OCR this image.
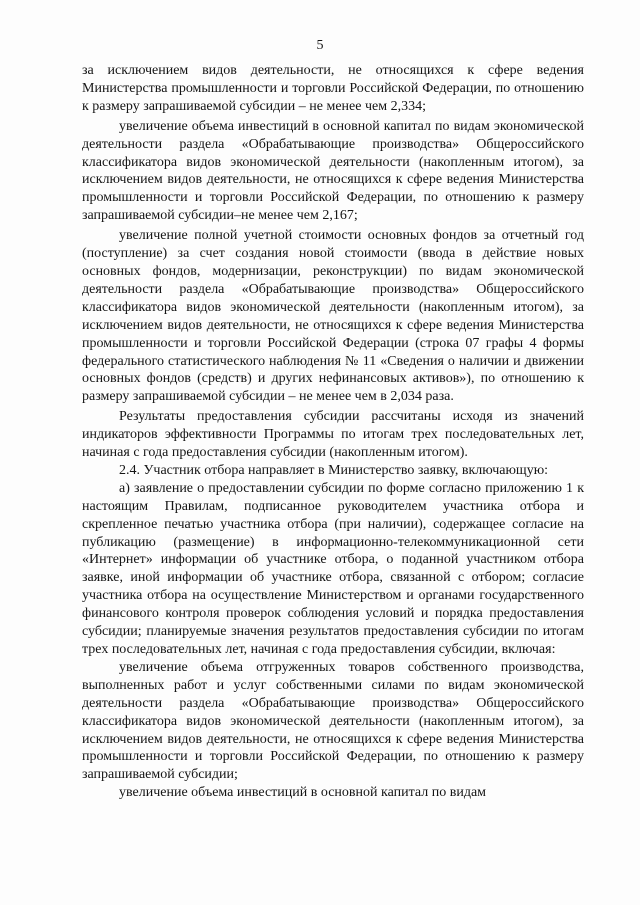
5

за исключением видов деятельности, не относящихся к сфере ведения Министерства промышленности и торговли Российской Федерации, по отношению к размеру запрашиваемой субсидии – не менее чем 2,334;

увеличение объема инвестиций в основной капитал по видам экономической деятельности раздела «Обрабатывающие производства» Общероссийского классификатора видов экономической деятельности (накопленным итогом), за исключением видов деятельности, не относящихся к сфере ведения Министерства промышленности и торговли Российской Федерации, по отношению к размеру запрашиваемой субсидии–не менее чем 2,167;

увеличение полной учетной стоимости основных фондов за отчетный год (поступление) за счет создания новой стоимости (ввода в действие новых основных фондов, модернизации, реконструкции) по видам экономической деятельности раздела «Обрабатывающие производства» Общероссийского классификатора видов экономической деятельности (накопленным итогом), за исключением видов деятельности, не относящихся к сфере ведения Министерства промышленности и торговли Российской Федерации (строка 07 графы 4 формы федерального статистического наблюдения № 11 «Сведения о наличии и движении основных фондов (средств) и других нефинансовых активов»), по отношению к размеру запрашиваемой субсидии – не менее чем в 2,034 раза.

Результаты предоставления субсидии рассчитаны исходя из значений индикаторов эффективности Программы по итогам трех последовательных лет, начиная с года предоставления субсидии (накопленным итогом).

2.4. Участник отбора направляет в Министерство заявку, включающую:

а) заявление о предоставлении субсидии по форме согласно приложению 1 к настоящим Правилам, подписанное руководителем участника отбора и скрепленное печатью участника отбора (при наличии), содержащее согласие на публикацию (размещение) в информационно-телекоммуникационной сети «Интернет» информации об участнике отбора, о поданной участником отбора заявке, иной информации об участнике отбора, связанной с отбором; согласие участника отбора на осуществление Министерством и органами государственного финансового контроля проверок соблюдения условий и порядка предоставления субсидии; планируемые значения результатов предоставления субсидии по итогам трех последовательных лет, начиная с года предоставления субсидии, включая:

увеличение объема отгруженных товаров собственного производства, выполненных работ и услуг собственными силами по видам экономической деятельности раздела «Обрабатывающие производства» Общероссийского классификатора видов экономической деятельности (накопленным итогом), за исключением видов деятельности, не относящихся к сфере ведения Министерства промышленности и торговли Российской Федерации, по отношению к размеру запрашиваемой субсидии;

увеличение объема инвестиций в основной капитал по видам
